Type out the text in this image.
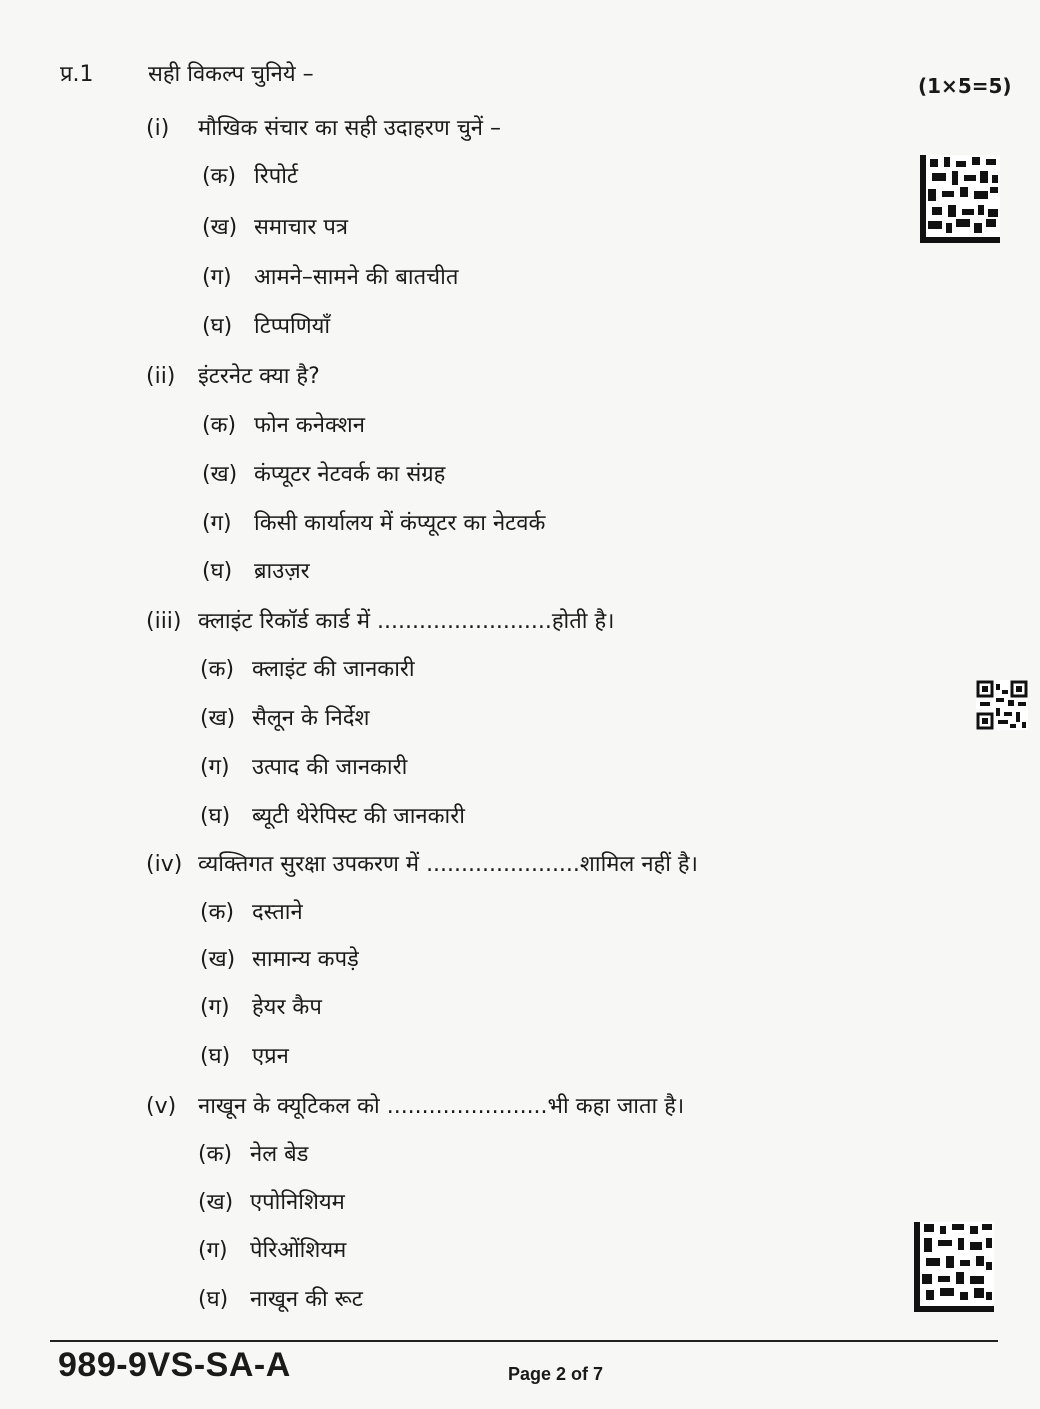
प्र.1 सही विकल्प चुनिये –	(1×5=5)
(i) मौखिक संचार का सही उदाहरण चुनें –
(क) रिपोर्ट
(ख) समाचार पत्र
(ग) आमने–सामने की बातचीत
(घ) टिप्पणियाँ
(ii) इंटरनेट क्या है?
(क) फोन कनेक्शन
(ख) कंप्यूटर नेटवर्क का संग्रह
(ग) किसी कार्यालय में कंप्यूटर का नेटवर्क
(घ) ब्राउज़र
(iii) क्लाइंट रिकॉर्ड कार्ड में .........................होती है।
(क) क्लाइंट की जानकारी
(ख) सैलून के निर्देश
(ग) उत्पाद की जानकारी
(घ) ब्यूटी थेरेपिस्ट की जानकारी
(iv) व्यक्तिगत सुरक्षा उपकरण में ......................शामिल नहीं है।
(क) दस्ताने
(ख) सामान्य कपड़े
(ग) हेयर कैप
(घ) एप्रन
(v) नाखून के क्यूटिकल को .......................भी कहा जाता है।
(क) नेल बेड
(ख) एपोनिशियम
(ग) पेरिओंशियम
(घ) नाखून की रूट
989-9VS-SA-A	Page 2 of 7
